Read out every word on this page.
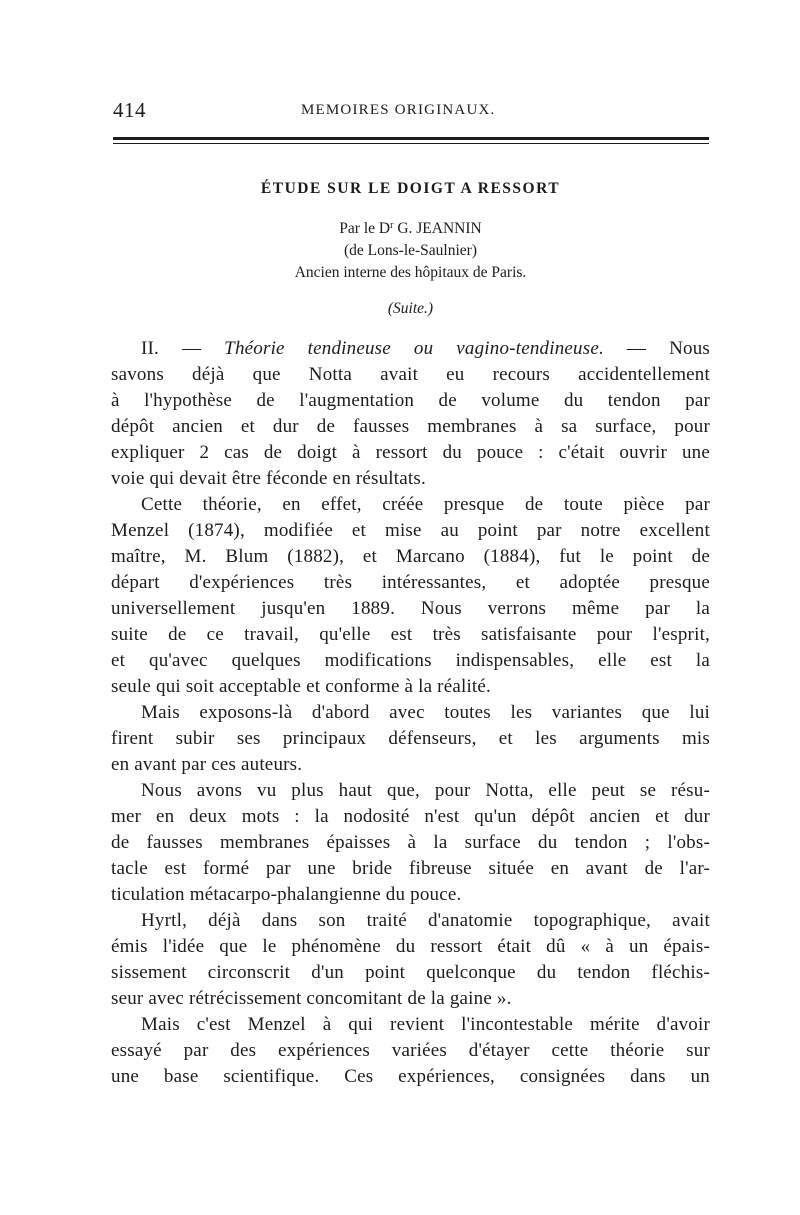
414	MEMOIRES ORIGINAUX.
ÉTUDE SUR LE DOIGT A RESSORT
Par le $D^r$ G. JEANNIN
(de Lons-le-Saulnier)
Ancien interne des hôpitaux de Paris.
(Suite.)
II. — Théorie tendineuse ou vagino-tendineuse. — Nous
savons déjà que Notta avait eu recours accidentellement
à l'hypothèse de l'augmentation de volume du tendon par
dépôt ancien et dur de fausses membranes à sa surface, pour
expliquer 2 cas de doigt à ressort du pouce : c'était ouvrir une
voie qui devait être féconde en résultats.
Cette théorie, en effet, créée presque de toute pièce par
Menzel (1874), modifiée et mise au point par notre excellent
maître, M. Blum (1882), et Marcano (1884), fut le point de
départ d'expériences très intéressantes, et adoptée presque
universellement jusqu'en 1889. Nous verrons même par la
suite de ce travail, qu'elle est très satisfaisante pour l'esprit,
et qu'avec quelques modifications indispensables, elle est la
seule qui soit acceptable et conforme à la réalité.
Mais exposons-là d'abord avec toutes les variantes que lui
firent subir ses principaux défenseurs, et les arguments mis
en avant par ces auteurs.
Nous avons vu plus haut que, pour Notta, elle peut se résu-
mer en deux mots : la nodosité n'est qu'un dépôt ancien et dur
de fausses membranes épaisses à la surface du tendon ; l'obs-
tacle est formé par une bride fibreuse située en avant de l'ar-
ticulation métacarpo-phalangienne du pouce.
Hyrtl, déjà dans son traité d'anatomie topographique, avait
émis l'idée que le phénomène du ressort était dû « à un épais-
sissement circonscrit d'un point quelconque du tendon fléchis-
seur avec rétrécissement concomitant de la gaine ».
Mais c'est Menzel à qui revient l'incontestable mérite d'avoir
essayé par des expériences variées d'étayer cette théorie sur
une base scientifique. Ces expériences, consignées dans un
